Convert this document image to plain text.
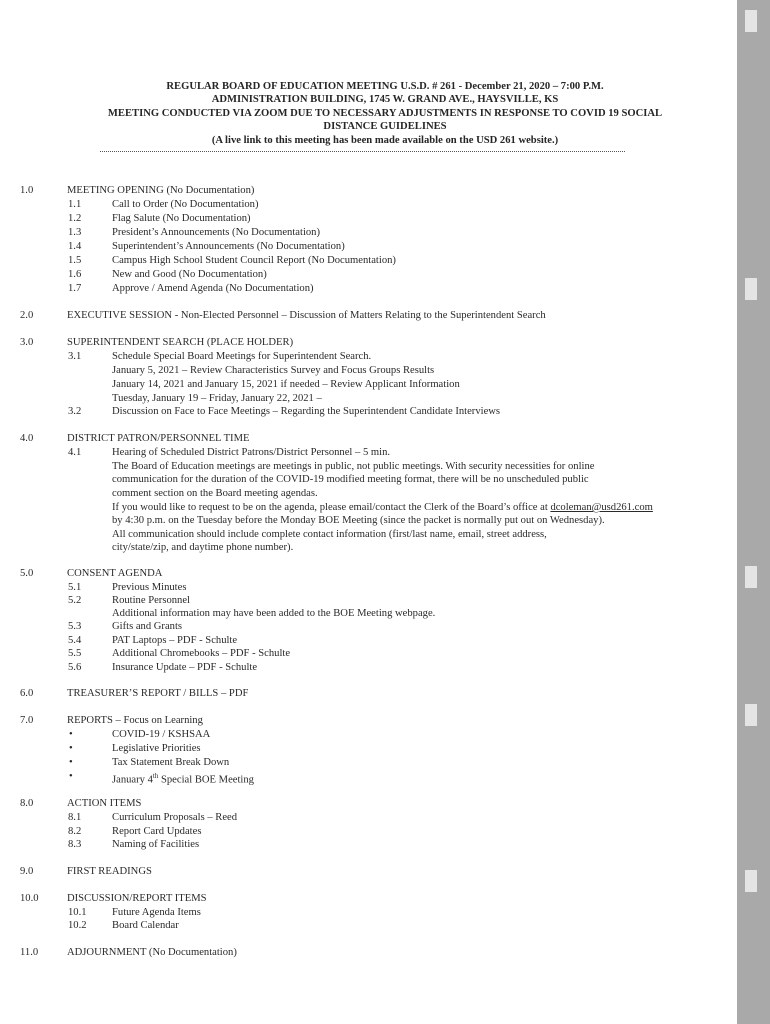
REGULAR BOARD OF EDUCATION MEETING U.S.D. # 261 - December 21, 2020 – 7:00 P.M.
ADMINISTRATION BUILDING, 1745 W. GRAND AVE., HAYSVILLE, KS
MEETING CONDUCTED VIA ZOOM DUE TO NECESSARY ADJUSTMENTS IN RESPONSE TO COVID 19 SOCIAL
DISTANCE GUIDELINES
(A live link to this meeting has been made available on the USD 261 website.)
1.0	MEETING OPENING (No Documentation)
1.1	Call to Order (No Documentation)
1.2	Flag Salute (No Documentation)
1.3	President’s Announcements (No Documentation)
1.4	Superintendent’s Announcements (No Documentation)
1.5	Campus High School Student Council Report (No Documentation)
1.6	New and Good (No Documentation)
1.7	Approve / Amend Agenda (No Documentation)
2.0	EXECUTIVE SESSION - Non-Elected Personnel – Discussion of Matters Relating to the Superintendent Search
3.0	SUPERINTENDENT SEARCH (PLACE HOLDER)
3.1	Schedule Special Board Meetings for Superintendent Search.
January 5, 2021 – Review Characteristics Survey and Focus Groups Results
January 14, 2021 and January 15, 2021 if needed – Review Applicant Information
Tuesday, January 19 – Friday, January 22, 2021 –
3.2	Discussion on Face to Face Meetings – Regarding the Superintendent Candidate Interviews
4.0	DISTRICT PATRON/PERSONNEL TIME
4.1	Hearing of Scheduled District Patrons/District Personnel – 5 min.
The Board of Education meetings are meetings in public, not public meetings. With security necessities for online
communication for the duration of the COVID-19 modified meeting format, there will be no unscheduled public
comment section on the Board meeting agendas.
If you would like to request to be on the agenda, please email/contact the Clerk of the Board’s office at dcoleman@usd261.com
by 4:30 p.m. on the Tuesday before the Monday BOE Meeting (since the packet is normally put out on Wednesday).
All communication should include complete contact information (first/last name, email, street address,
city/state/zip, and daytime phone number).
5.0	CONSENT AGENDA
5.1	Previous Minutes
5.2	Routine Personnel
Additional information may have been added to the BOE Meeting webpage.
5.3	Gifts and Grants
5.4	PAT Laptops – PDF - Schulte
5.5	Additional Chromebooks – PDF - Schulte
5.6	Insurance Update – PDF - Schulte
6.0	TREASURER’S REPORT / BILLS – PDF
7.0	REPORTS – Focus on Learning
•	COVID-19 / KSHSAA
•	Legislative Priorities
•	Tax Statement Break Down
•	January 4th Special BOE Meeting
8.0	ACTION ITEMS
8.1	Curriculum Proposals – Reed
8.2	Report Card Updates
8.3	Naming of Facilities
9.0	FIRST READINGS
10.0	DISCUSSION/REPORT ITEMS
10.1 Future Agenda Items
10.2 Board Calendar
11.0	ADJOURNMENT (No Documentation)
